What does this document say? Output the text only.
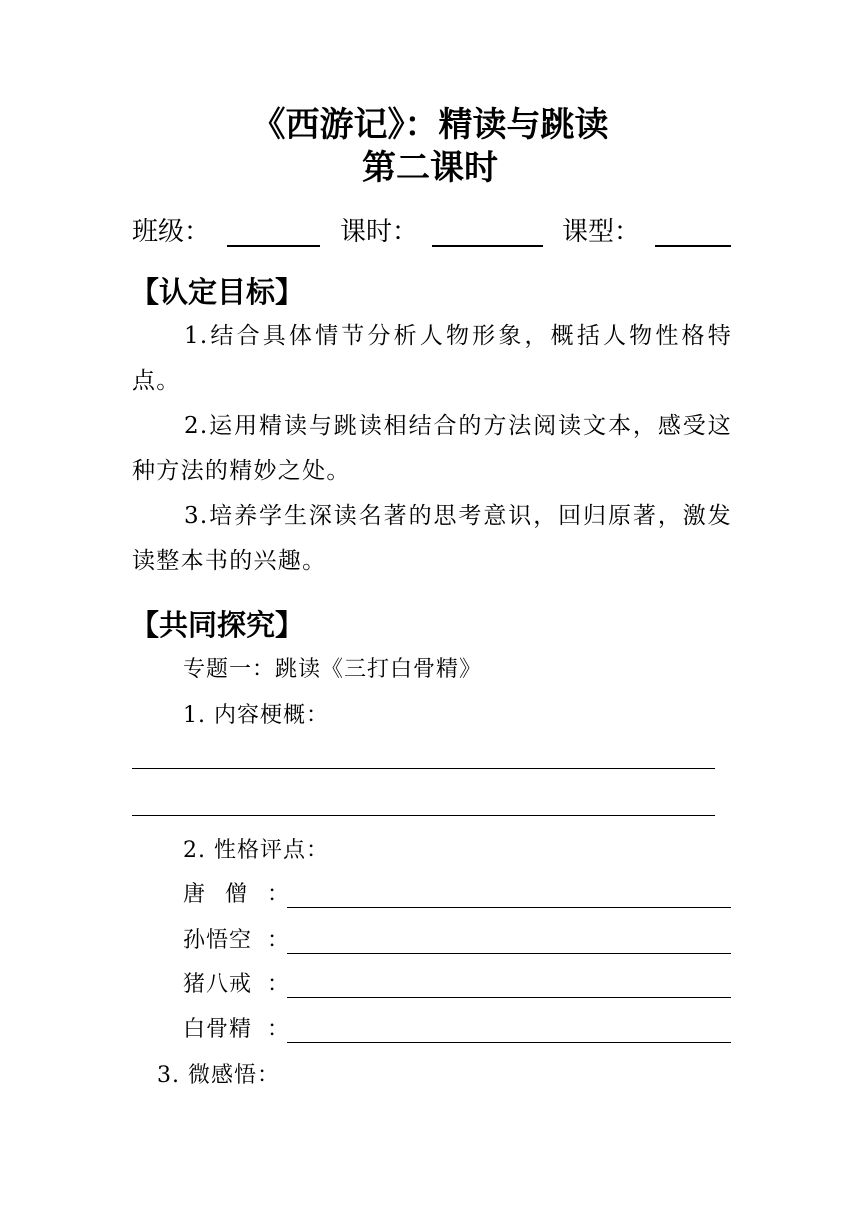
《西游记》：精读与跳读
第二课时
班级：	课时：	课型：
【认定目标】
1.结合具体情节分析人物形象，概括人物性格特点。
2.运用精读与跳读相结合的方法阅读文本，感受这种方法的精妙之处。
3.培养学生深读名著的思考意识，回归原著，激发读整本书的兴趣。
【共同探究】
专题一：跳读《三打白骨精》
1. 内容梗概：
2. 性格评点：
唐僧 ：
孙悟空 ：
猪八戒 ：
白骨精 ：
3. 微感悟：
